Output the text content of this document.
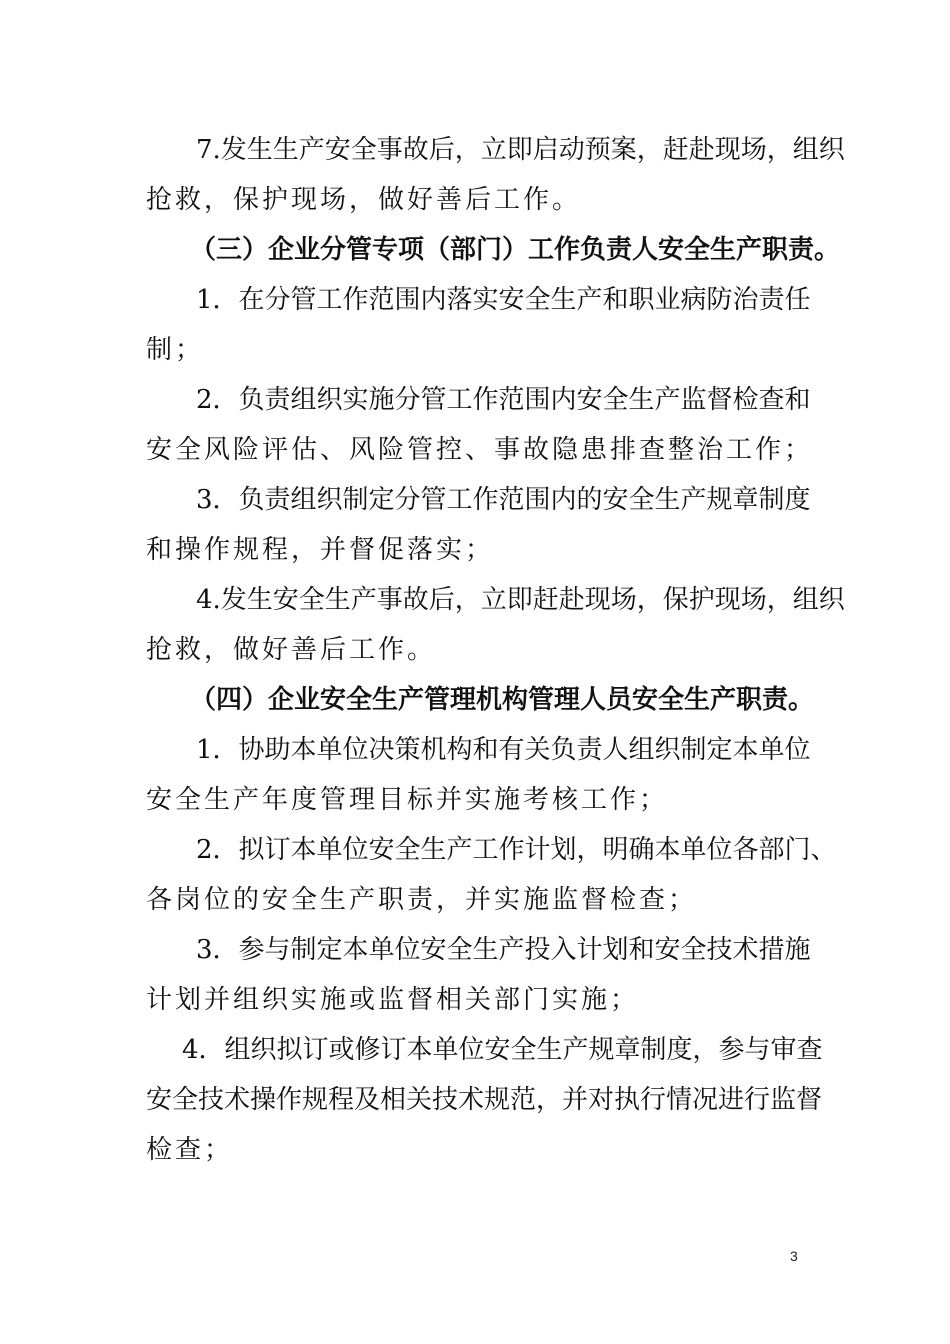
7.发生生产安全事故后，立即启动预案，赶赴现场，组织
抢救，保护现场，做好善后工作。
（三）企业分管专项（部门）工作负责人安全生产职责。
1．在分管工作范围内落实安全生产和职业病防治责任
制；
2．负责组织实施分管工作范围内安全生产监督检查和
安全风险评估、风险管控、事故隐患排查整治工作；
3．负责组织制定分管工作范围内的安全生产规章制度
和操作规程，并督促落实；
4.发生安全生产事故后，立即赶赴现场，保护现场，组织
抢救，做好善后工作。
（四）企业安全生产管理机构管理人员安全生产职责。
1．协助本单位决策机构和有关负责人组织制定本单位
安全生产年度管理目标并实施考核工作；
2．拟订本单位安全生产工作计划，明确本单位各部门、
各岗位的安全生产职责，并实施监督检查；
3．参与制定本单位安全生产投入计划和安全技术措施
计划并组织实施或监督相关部门实施；
4．组织拟订或修订本单位安全生产规章制度，参与审查
安全技术操作规程及相关技术规范，并对执行情况进行监督
检查；
3
